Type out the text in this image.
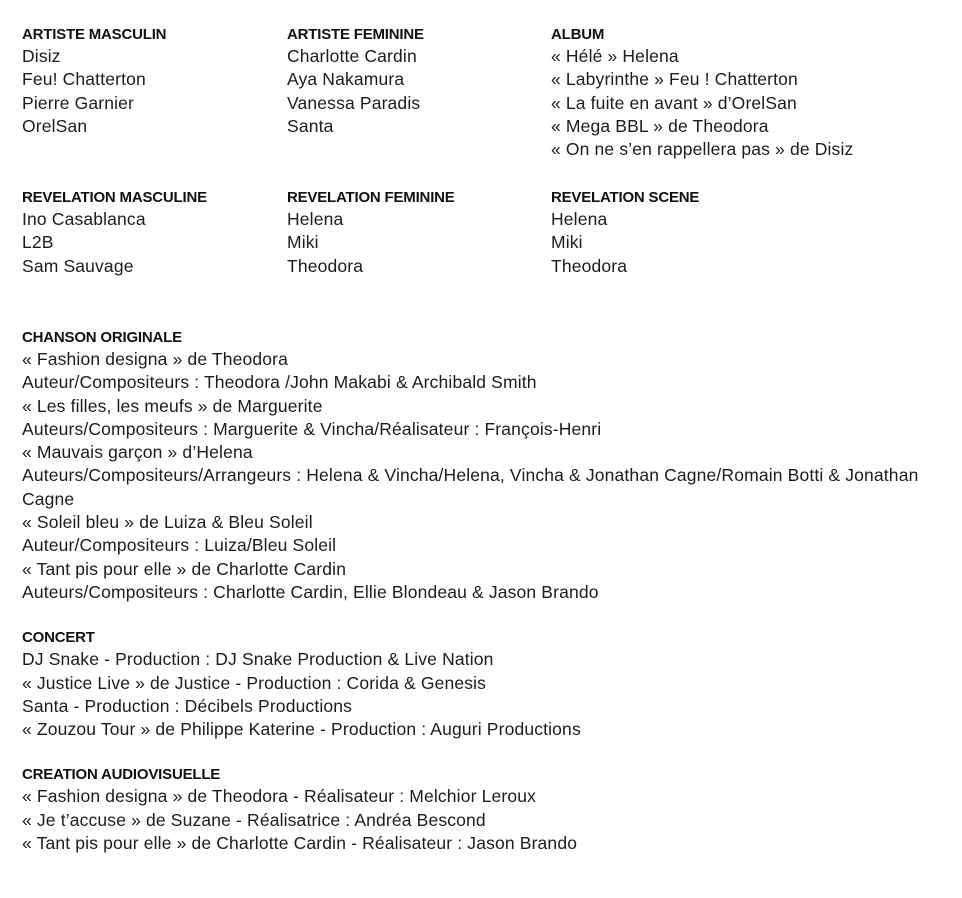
ARTISTE MASCULIN
Disiz
Feu! Chatterton
Pierre Garnier
OrelSan
ARTISTE FEMININE
Charlotte Cardin
Aya Nakamura
Vanessa Paradis
Santa
ALBUM
« Hélé » Helena
« Labyrinthe » Feu ! Chatterton
« La fuite en avant » d’OrelSan
« Mega BBL » de Theodora
« On ne s’en rappellera pas » de Disiz
REVELATION MASCULINE
Ino Casablanca
L2B
Sam Sauvage
REVELATION FEMININE
Helena
Miki
Theodora
REVELATION SCENE
Helena
Miki
Theodora
CHANSON ORIGINALE
« Fashion designa » de Theodora
Auteur/Compositeurs : Theodora /John Makabi & Archibald Smith
« Les filles, les meufs » de Marguerite
Auteurs/Compositeurs : Marguerite & Vincha/Réalisateur : François-Henri
« Mauvais garçon » d’Helena
Auteurs/Compositeurs/Arrangeurs : Helena & Vincha/Helena, Vincha & Jonathan Cagne/Romain Botti & Jonathan Cagne
« Soleil bleu » de Luiza & Bleu Soleil
Auteur/Compositeurs : Luiza/Bleu Soleil
« Tant pis pour elle » de Charlotte Cardin
Auteurs/Compositeurs : Charlotte Cardin, Ellie Blondeau & Jason Brando
CONCERT
DJ Snake - Production : DJ Snake Production & Live Nation
« Justice Live » de Justice - Production : Corida & Genesis
Santa - Production : Décibels Productions
« Zouzou Tour » de Philippe Katerine - Production : Auguri Productions
CREATION AUDIOVISUELLE
« Fashion designa » de Theodora - Réalisateur : Melchior Leroux
« Je t’accuse » de Suzane - Réalisatrice : Andréa Bescond
« Tant pis pour elle » de Charlotte Cardin - Réalisateur : Jason Brando
